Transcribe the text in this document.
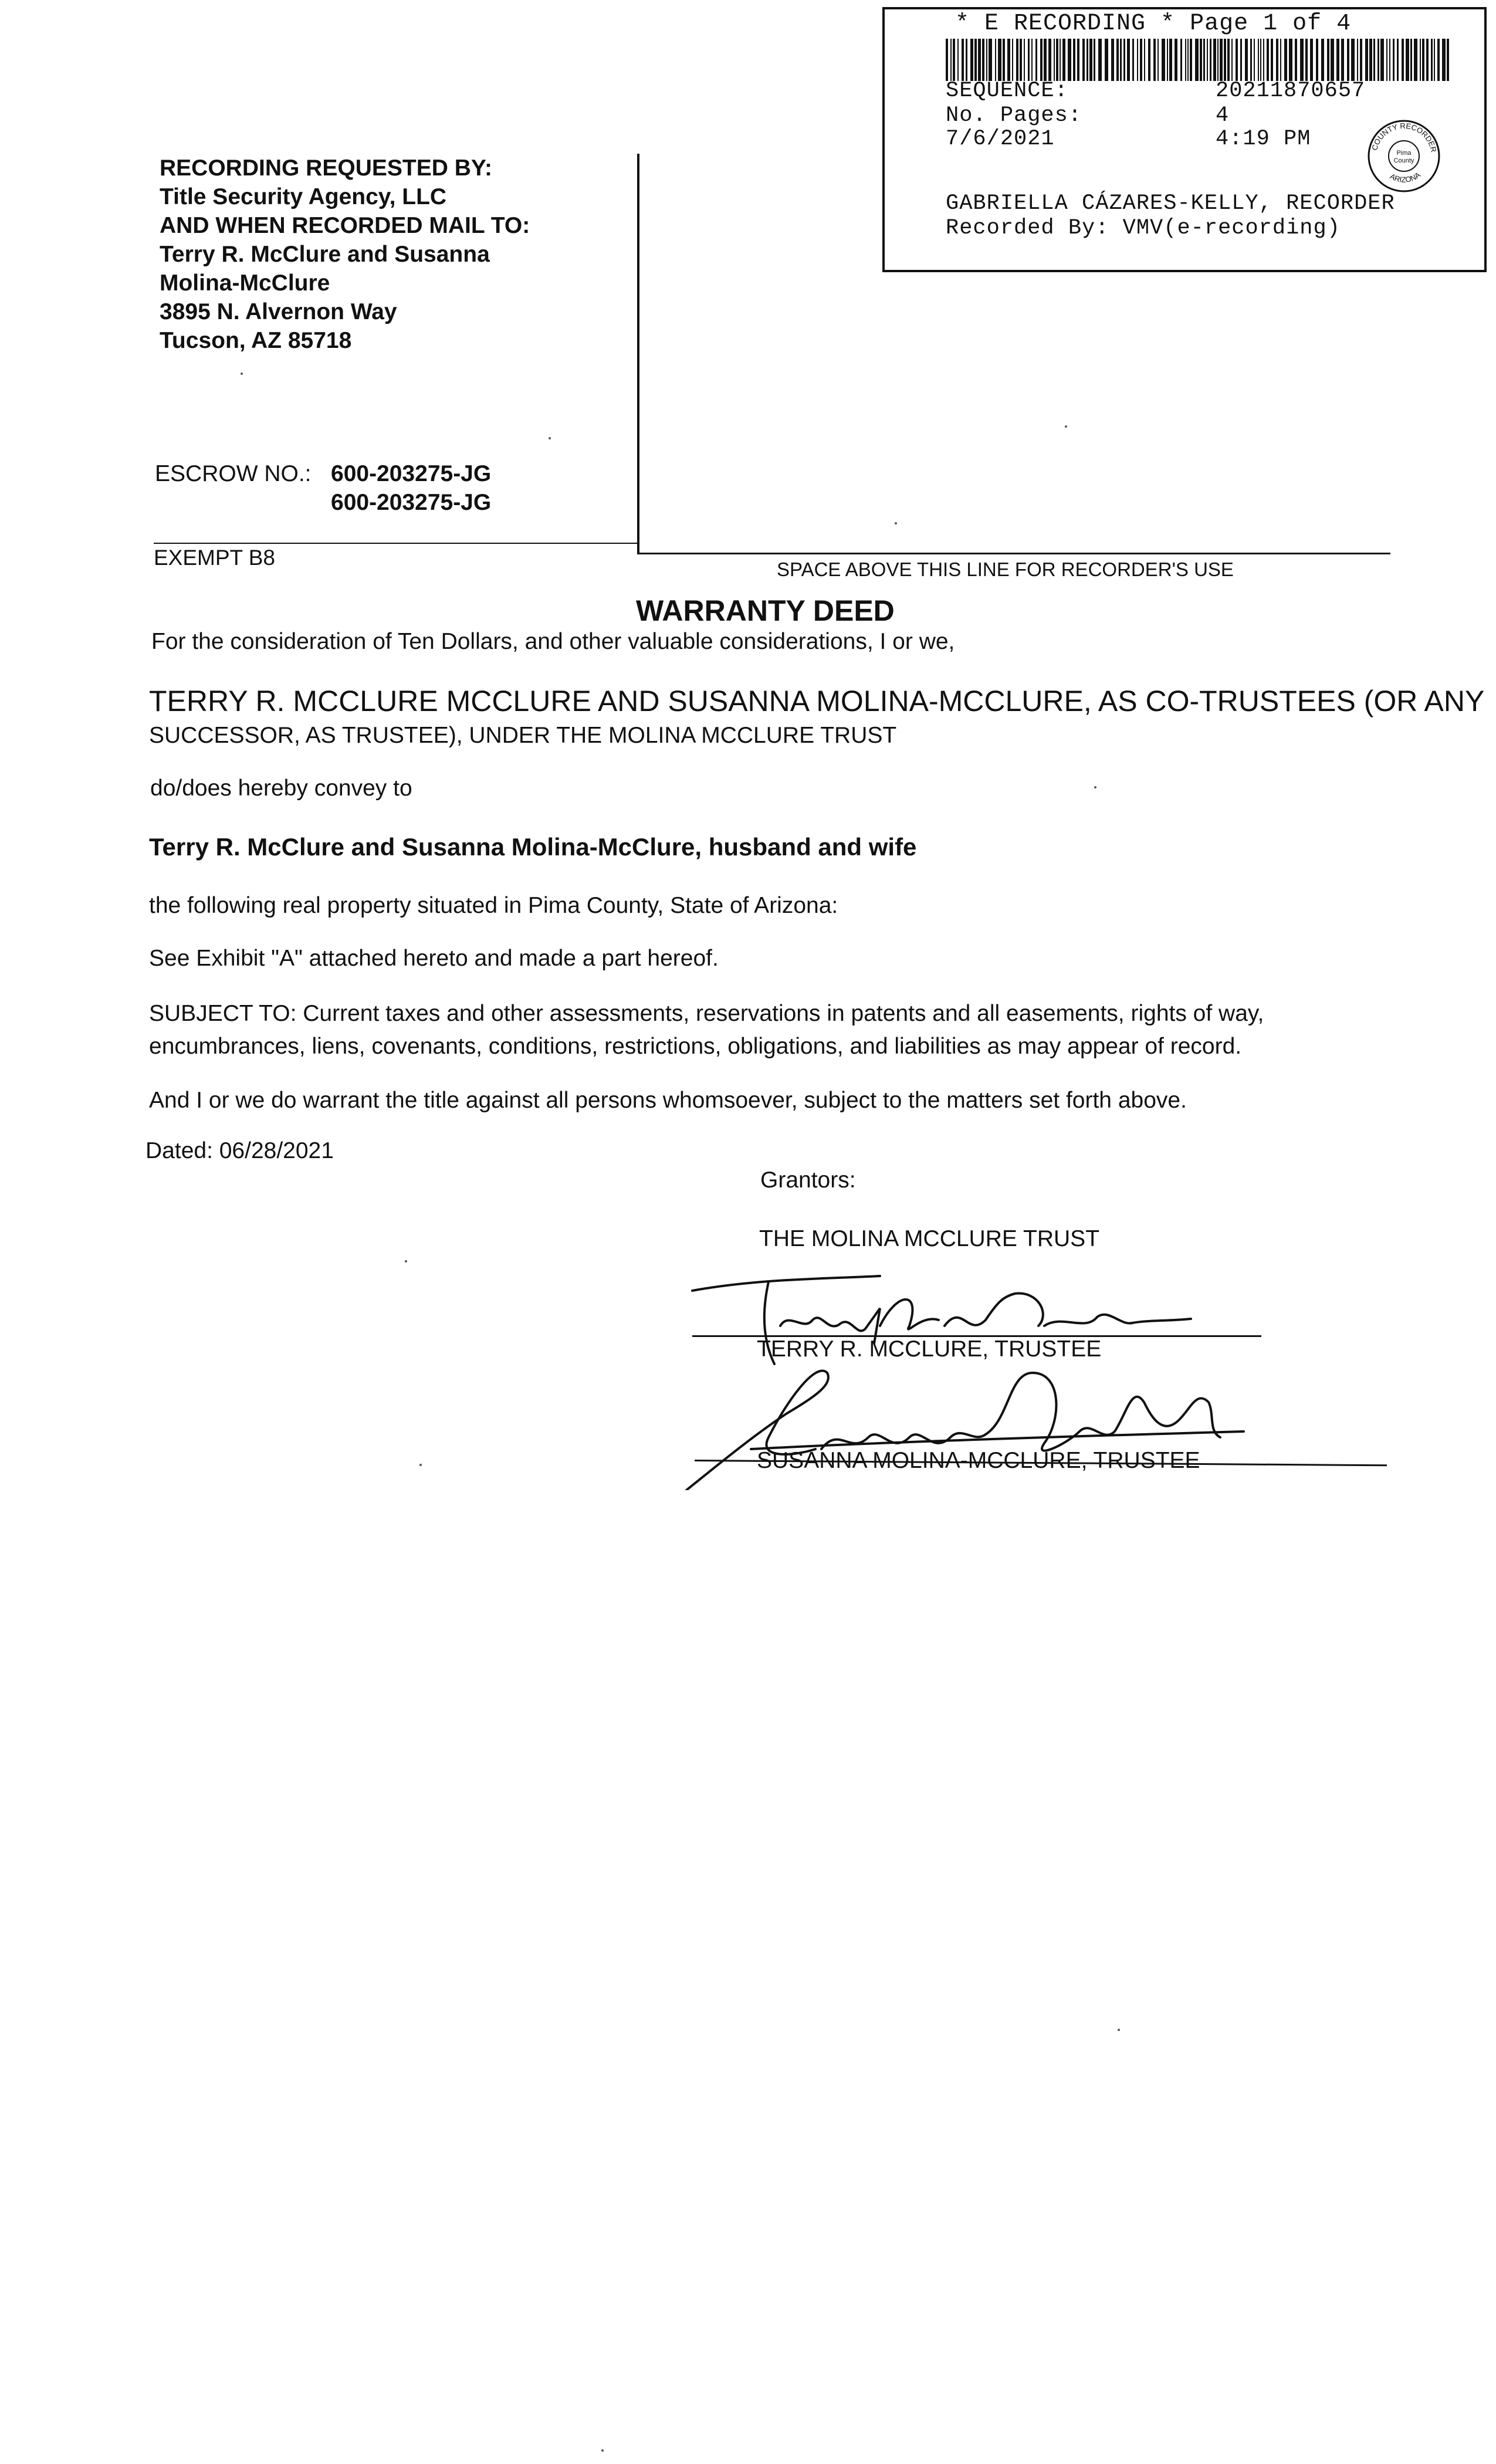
* E RECORDING * Page 1 of 4
SEQUENCE:	20211870657
No. Pages:	4
7/6/2021	4:19 PM	COUNTY RECORDER
ARIZONA
Pima
County
GABRIELLA CÁZARES-KELLY, RECORDER
Recorded By: VMV(e-recording)
RECORDING REQUESTED BY:
Title Security Agency, LLC
AND WHEN RECORDED MAIL TO:
Terry R. McClure and Susanna
Molina-McClure
3895 N. Alvernon Way
Tucson, AZ 85718
ESCROW NO.: 600-203275-JG
600-203275-JG
EXEMPT B8	SPACE ABOVE THIS LINE FOR RECORDER'S USE
WARRANTY DEED
For the consideration of Ten Dollars, and other valuable considerations, I or we,
TERRY R. MCCLURE MCCLURE AND SUSANNA MOLINA-MCCLURE, AS CO-TRUSTEES (OR ANY
SUCCESSOR, AS TRUSTEE), UNDER THE MOLINA MCCLURE TRUST
do/does hereby convey to
Terry R. McClure and Susanna Molina-McClure, husband and wife
the following real property situated in Pima County, State of Arizona:
See Exhibit "A" attached hereto and made a part hereof.
SUBJECT TO: Current taxes and other assessments, reservations in patents and all easements, rights of way,
encumbrances, liens, covenants, conditions, restrictions, obligations, and liabilities as may appear of record.
And I or we do warrant the title against all persons whomsoever, subject to the matters set forth above.
Dated: 06/28/2021
Grantors:
THE MOLINA MCCLURE TRUST
TERRY R. MCCLURE, TRUSTEE
SUSANNA MOLINA-MCCLURE, TRUSTEE
